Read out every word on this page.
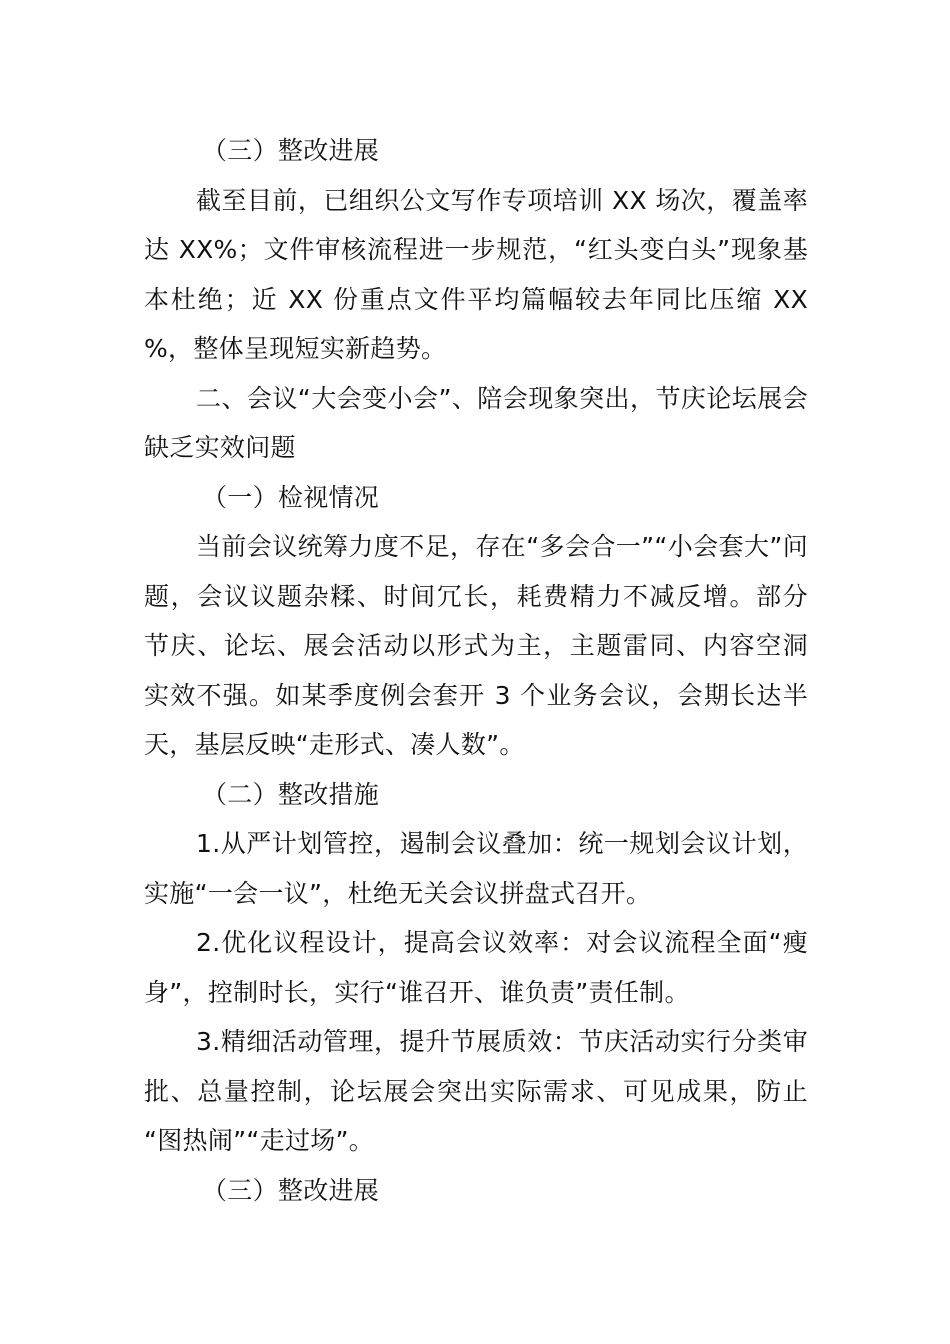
（三）整改进展
截至目前，已组织公文写作专项培训 XX 场次，覆盖率
达 XX%；文件审核流程进一步规范，“红头变白头”现象基
本杜绝；近 XX 份重点文件平均篇幅较去年同比压缩 XX
%，整体呈现短实新趋势。
二、会议“大会变小会”、陪会现象突出，节庆论坛展会
缺乏实效问题
（一）检视情况
当前会议统筹力度不足，存在“多会合一”“小会套大”问
题，会议议题杂糅、时间冗长，耗费精力不减反增。部分
节庆、论坛、展会活动以形式为主，主题雷同、内容空洞
实效不强。如某季度例会套开 3 个业务会议，会期长达半
天，基层反映“走形式、凑人数”。
（二）整改措施
1.从严计划管控，遏制会议叠加：统一规划会议计划，
实施“一会一议”，杜绝无关会议拼盘式召开。
2.优化议程设计，提高会议效率：对会议流程全面“瘦
身”，控制时长，实行“谁召开、谁负责”责任制。
3.精细活动管理，提升节展质效：节庆活动实行分类审
批、总量控制，论坛展会突出实际需求、可见成果，防止
“图热闹”“走过场”。
（三）整改进展
